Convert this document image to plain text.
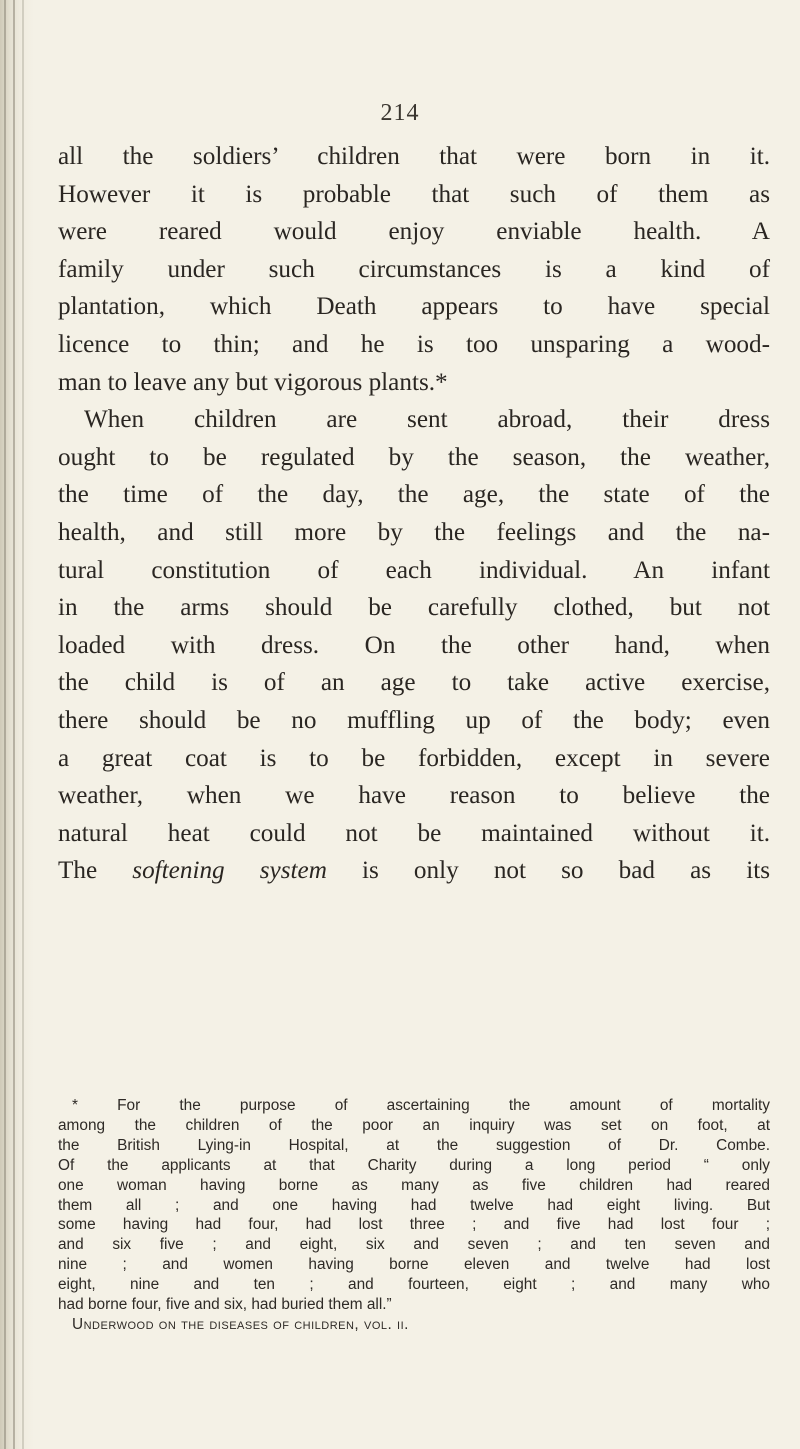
214
all the soldiers’ children that were born in it.
However it is probable that such of them as
were reared would enjoy enviable health. A
family under such circumstances is a kind of
plantation, which Death appears to have special
licence to thin; and he is too unsparing a wood-
man to leave any but vigorous plants.*
When children are sent abroad, their dress
ought to be regulated by the season, the weather,
the time of the day, the age, the state of the
health, and still more by the feelings and the na-
tural constitution of each individual. An infant
in the arms should be carefully clothed, but not
loaded with dress. On the other hand, when
the child is of an age to take active exercise,
there should be no muffling up of the body; even
a great coat is to be forbidden, except in severe
weather, when we have reason to believe the
natural heat could not be maintained without it.
The softening system is only not so bad as its
* For the purpose of ascertaining the amount of mortality
among the children of the poor an inquiry was set on foot, at
the British Lying-in Hospital, at the suggestion of Dr. Combe.
Of the applicants at that Charity during a long period “ only
one woman having borne as many as five children had reared
them all ; and one having had twelve had eight living. But
some having had four, had lost three ; and five had lost four ;
and six five ; and eight, six and seven ; and ten seven and
nine ; and women having borne eleven and twelve had lost
eight, nine and ten ; and fourteen, eight ; and many who
had borne four, five and six, had buried them all.”
Underwood on the diseases of children, vol. ii.
